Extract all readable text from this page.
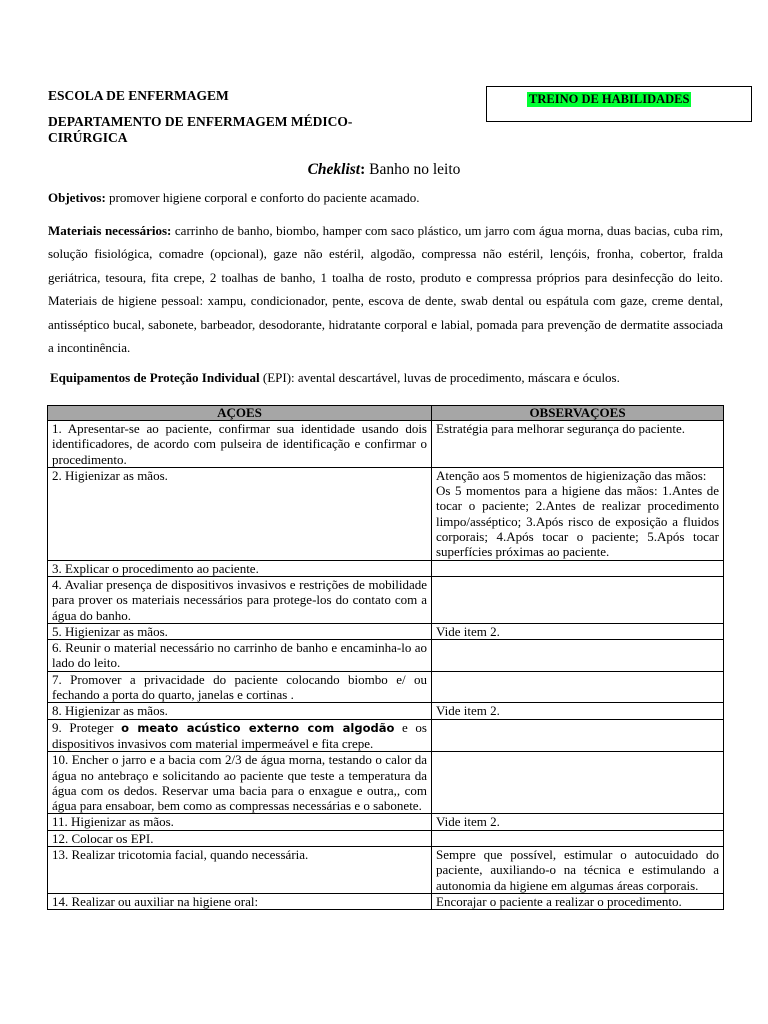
ESCOLA DE ENFERMAGEM
DEPARTAMENTO DE ENFERMAGEM MÉDICO-CIRÚRGICA
TREINO DE HABILIDADES
Cheklist: Banho no leito
Objetivos: promover higiene corporal e conforto do paciente acamado.
Materiais necessários: carrinho de banho, biombo, hamper com saco plástico, um jarro com água morna, duas bacias, cuba rim, solução fisiológica, comadre (opcional), gaze não estéril, algodão, compressa não estéril, lençóis, fronha, cobertor, fralda geriátrica, tesoura, fita crepe, 2 toalhas de banho, 1 toalha de rosto, produto e compressa próprios para desinfecção do leito. Materiais de higiene pessoal: xampu, condicionador, pente, escova de dente, swab dental ou espátula com gaze, creme dental, antisséptico bucal, sabonete, barbeador, desodorante, hidratante corporal e labial, pomada para prevenção de dermatite associada a incontinência.
Equipamentos de Proteção Individual (EPI): avental descartável, luvas de procedimento, máscara e óculos.
AÇOES	OBSERVAÇOES
1. Apresentar-se ao paciente, confirmar sua identidade usando dois identificadores, de acordo com pulseira de identificação e confirmar o procedimento.	Estratégia para melhorar segurança do paciente.
2. Higienizar as mãos.	Atenção aos 5 momentos de higienização das mãos:
Os 5 momentos para a higiene das mãos: 1.Antes de tocar o paciente; 2.Antes de realizar procedimento limpo/asséptico; 3.Após risco de exposição a fluidos corporais; 4.Após tocar o paciente; 5.Após tocar superfícies próximas ao paciente.

3. Explicar o procedimento ao paciente.	
4. Avaliar presença de dispositivos invasivos e restrições de mobilidade para prover os materiais necessários para protege-los do contato com a água do banho.	
5. Higienizar as mãos.	Vide item 2.
6. Reunir o material necessário no carrinho de banho e encaminha-lo ao lado do leito.	
7. Promover a privacidade do paciente colocando biombo e/ ou fechando a porta do quarto, janelas e cortinas .	
8. Higienizar as mãos.	Vide item 2.
9. Proteger o meato acústico externo com algodão e os dispositivos invasivos com material impermeável e fita crepe.	
10. Encher o jarro e a bacia com 2/3 de água morna, testando o calor da água no antebraço e solicitando ao paciente que teste a temperatura da água com os dedos. Reservar uma bacia para o enxague e outra,, com água para ensaboar, bem como as compressas necessárias e o sabonete.	
11. Higienizar as mãos.	Vide item 2.
12. Colocar os EPI.	
13. Realizar tricotomia facial, quando necessária.	Sempre que possível, estimular o autocuidado do paciente, auxiliando-o na técnica e estimulando a autonomia da higiene em algumas áreas corporais.
14. Realizar ou auxiliar na higiene oral:	Encorajar o paciente a realizar o procedimento.
